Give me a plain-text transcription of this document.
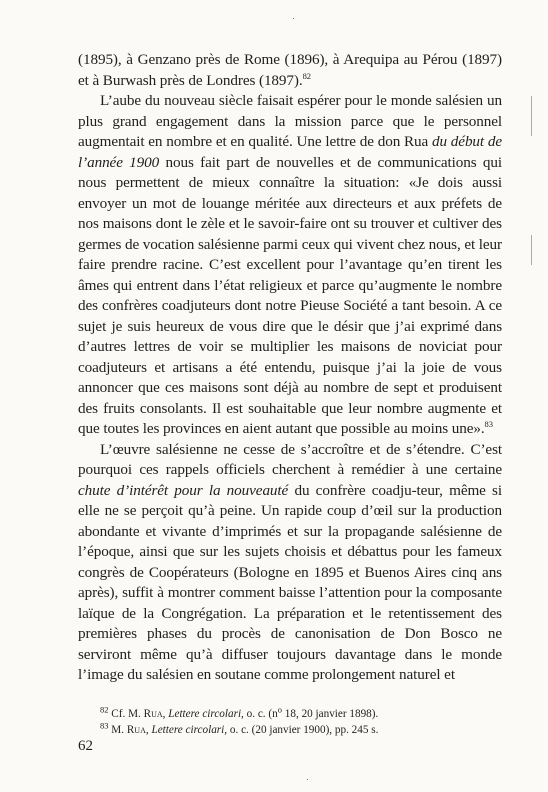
(1895), à Genzano près de Rome (1896), à Arequipa au Pérou (1897) et à Burwash près de Londres (1897).$^{82}$

L’aube du nouveau siècle faisait espérer pour le monde salésien un plus grand engagement dans la mission parce que le personnel augmentait en nombre et en qualité. Une lettre de don Rua du début de l’année 1900 nous fait part de nouvelles et de communications qui nous permettent de mieux connaître la situation: «Je dois aussi envoyer un mot de louange méritée aux directeurs et aux préfets de nos maisons dont le zèle et le savoir-faire ont su trouver et cultiver des germes de vocation salésienne parmi ceux qui vivent chez nous, et leur faire prendre racine. C’est excellent pour l’avantage qu’en tirent les âmes qui entrent dans l’état religieux et parce qu’augmente le nombre des confrères coadjuteurs dont notre Pieuse Société a tant besoin. A ce sujet je suis heureux de vous dire que le désir que j’ai exprimé dans d’autres lettres de voir se multiplier les maisons de noviciat pour coadjuteurs et artisans a été entendu, puisque j’ai la joie de vous annoncer que ces maisons sont déjà au nombre de sept et produisent des fruits consolants. Il est souhaitable que leur nombre augmente et que toutes les provinces en aient autant que possible au moins une».$^{83}$

L’œuvre salésienne ne cesse de s’accroître et de s’étendre. C’est pourquoi ces rappels officiels cherchent à remédier à une certaine chute d’intérêt pour la nouveauté du confrère coadju-teur, même si elle ne se perçoit qu’à peine. Un rapide coup d’œil sur la production abondante et vivante d’imprimés et sur la propagande salésienne de l’époque, ainsi que sur les sujets choisis et débattus pour les fameux congrès de Coopérateurs (Bologne en 1895 et Buenos Aires cinq ans après), suffit à montrer comment baisse l’attention pour la composante laïque de la Congrégation. La préparation et le retentissement des premières phases du procès de canonisation de Don Bosco ne serviront même qu’à diffuser toujours davantage dans le monde l’image du salésien en soutane comme prolongement naturel et

$^{82}$ Cf. M. Rua, Lettere circolari, o. c. ($n^o$ 18, 20 janvier 1898).

$^{83}$ M. Rua, Lettere circolari, o. c. (20 janvier 1900), pp. 245 s.

62
